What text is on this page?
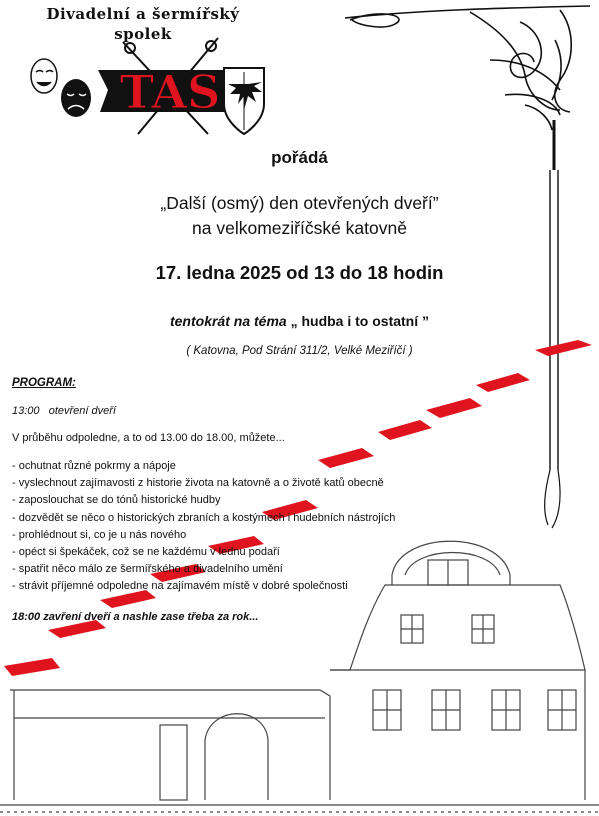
Divadelní a šermířský
spolek
TAS
pořádá
„Další (osmý) den otevřených dveří”
na velkomeziříčské katovně
17. ledna 2025 od 13 do 18 hodin
tentokrát na téma „ hudba i to ostatní ”
( Katovna, Pod Strání 311/2, Velké Meziříčí )
PROGRAM:
13:00 otevření dveří
V průběhu odpoledne, a to od 13.00 do 18.00, můžete...
- ochutnat různé pokrmy a nápoje
- vyslechnout zajímavosti z historie života na katovně a o životě katů obecně
- zaposlouchat se do tónů historické hudby
- dozvědět se něco o historických zbraních a kostýmech i hudebních nástrojích
- prohlédnout si, co je u nás nového
- opéct si špekáček, což se ne každému v lednu podaří
- spatřit něco málo ze šermířského a divadelního umění
- strávit příjemné odpoledne na zajímavém místě v dobré společnosti
18:00 zavření dveří a nashle zase třeba za rok...
